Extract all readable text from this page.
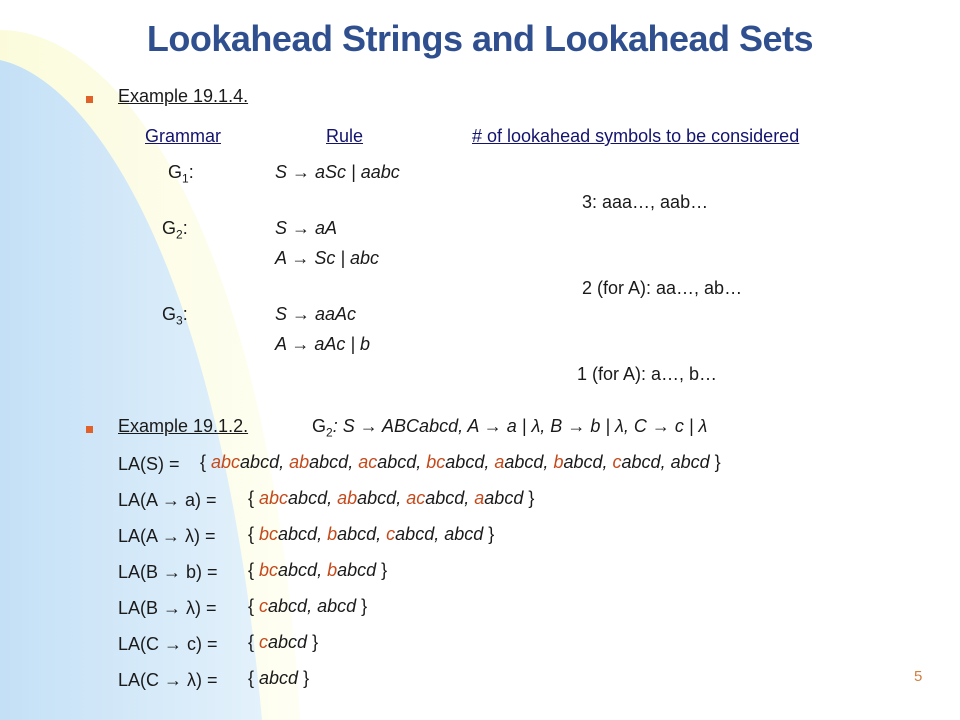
Lookahead Strings and Lookahead Sets
Example 19.1.4.
Grammar	Rule	# of lookahead symbols to be considered
$G_1$:	S → aSc | aabc
3: aaa…, aab…
$G_2$:	S → aA
A → Sc | abc
2 (for A): aa…, ab…
$G_3$:	S → aaAc
A → aAc | b
1 (for A): a…, b…
Example 19.1.2.	$G_2$: S → ABCabcd, A → a | λ, B → b | λ, C → c | λ
5
LA(S) = { abcabcd, ababcd, acabcd, bcabcd, aabcd, babcd, cabcd, abcd }
LA(A → a) = { abcabcd, ababcd, acabcd, aabcd }
LA(A → λ) = { bcabcd, babcd, cabcd, abcd }
LA(B → b) = { bcabcd, babcd }
LA(B → λ) = { cabcd, abcd }
LA(C → c) = { cabcd }
LA(C → λ) = { abcd }
